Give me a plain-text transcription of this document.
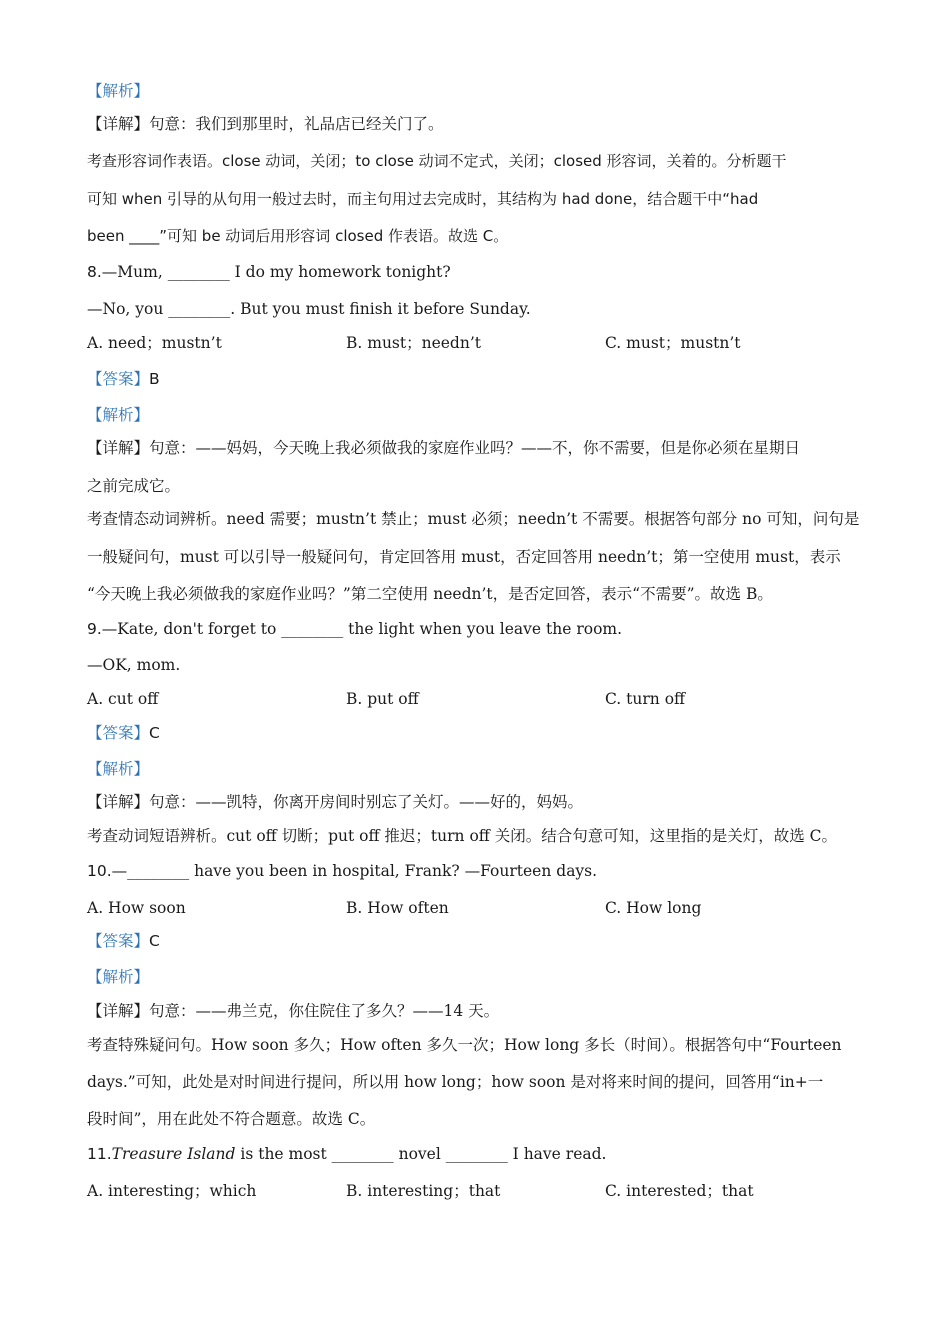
【解析】
【详解】句意：我们到那里时，礼品店已经关门了。
考查形容词作表语。close 动词，关闭；to close 动词不定式，关闭；closed 形容词，关着的。分析题干
可知 when 引导的从句用一般过去时，而主句用过去完成时，其结构为 had done，结合题干中“had
been ____”可知 be 动词后用形容词 closed 作表语。故选 C。
8.—Mum, ________ I do my homework tonight?
—No, you ________. But you must finish it before Sunday.
A. need；mustn’t	B. must；needn’t	C. must；mustn’t
【答案】B
【解析】
【详解】句意：——妈妈，今天晚上我必须做我的家庭作业吗？——不，你不需要，但是你必须在星期日
之前完成它。
考查情态动词辨析。need 需要；mustn’t 禁止；must 必须；needn’t 不需要。根据答句部分 no 可知，问句是
一般疑问句，must 可以引导一般疑问句，肯定回答用 must，否定回答用 needn’t；第一空使用 must，表示
“今天晚上我必须做我的家庭作业吗？”第二空使用 needn’t，是否定回答，表示“不需要”。故选 B。
9.—Kate, don't forget to ________ the light when you leave the room.
—OK, mom.
A. cut off	B. put off	C. turn off
【答案】C
【解析】
【详解】句意：——凯特，你离开房间时别忘了关灯。——好的，妈妈。
考查动词短语辨析。cut off 切断；put off 推迟；turn off 关闭。结合句意可知，这里指的是关灯，故选 C。
10.—________ have you been in hospital, Frank? —Fourteen days.
A. How soon	B. How often	C. How long
【答案】C
【解析】
【详解】句意：——弗兰克，你住院住了多久？——14 天。
考查特殊疑问句。How soon 多久；How often 多久一次；How long 多长（时间）。根据答句中“Fourteen
days.”可知，此处是对时间进行提问，所以用 how long；how soon 是对将来时间的提问，回答用“in+一
段时间”，用在此处不符合题意。故选 C。
11.Treasure Island is the most ________ novel ________ I have read.
A. interesting；which	B. interesting；that	C. interested；that
